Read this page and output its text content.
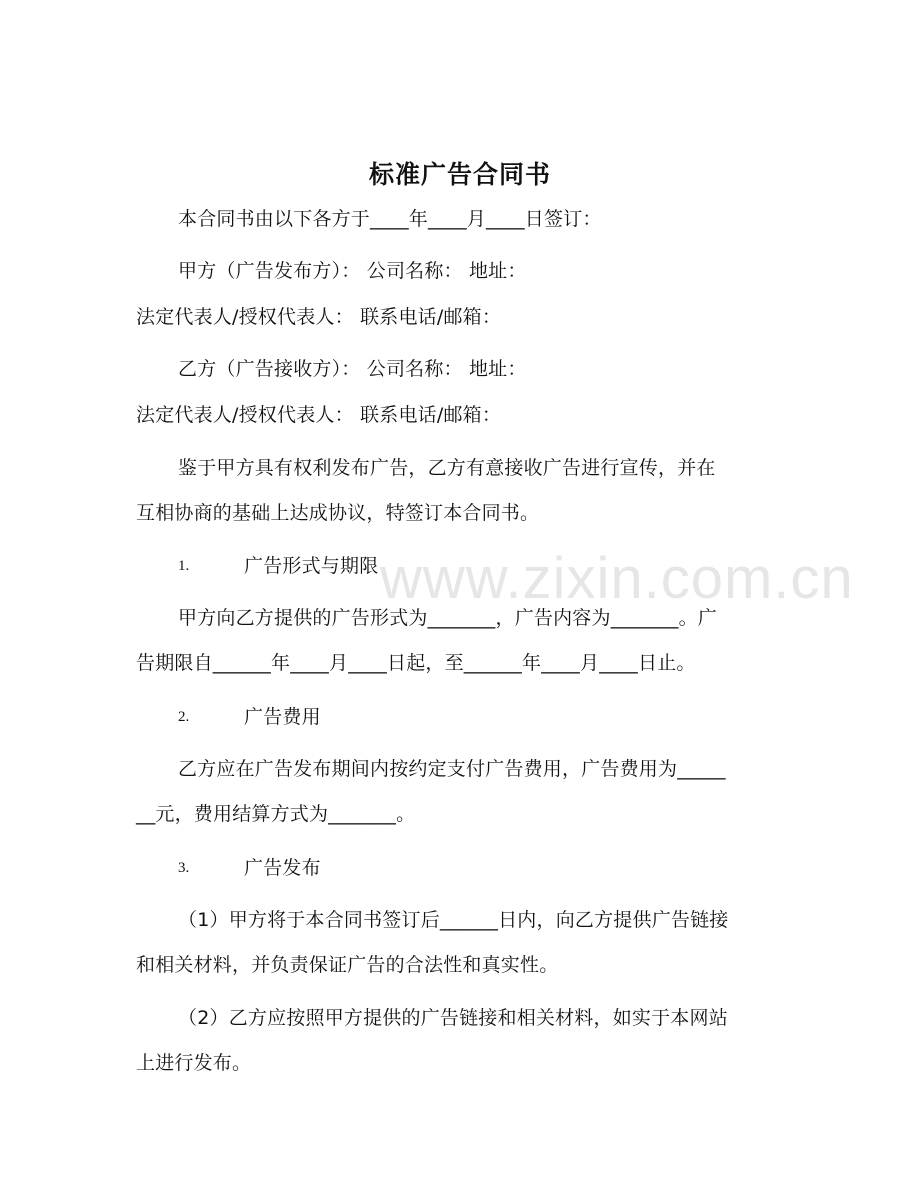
www.zixin.com.cn
标准广告合同书
本合同书由以下各方于____年____月____日签订：
甲方（广告发布方）： 公司名称： 地址：
法定代表人/授权代表人： 联系电话/邮箱：
乙方（广告接收方）： 公司名称： 地址：
法定代表人/授权代表人： 联系电话/邮箱：
鉴于甲方具有权利发布广告，乙方有意接收广告进行宣传，并在
互相协商的基础上达成协议，特签订本合同书。
1.	广告形式与期限
甲方向乙方提供的广告形式为_______，广告内容为_______。广
告期限自______年____月____日起，至______年____月____日止。
2.	广告费用
乙方应在广告发布期间内按约定支付广告费用，广告费用为_____
__元，费用结算方式为_______。
3.	广告发布
（1）甲方将于本合同书签订后______日内，向乙方提供广告链接
和相关材料，并负责保证广告的合法性和真实性。
（2）乙方应按照甲方提供的广告链接和相关材料，如实于本网站
上进行发布。
